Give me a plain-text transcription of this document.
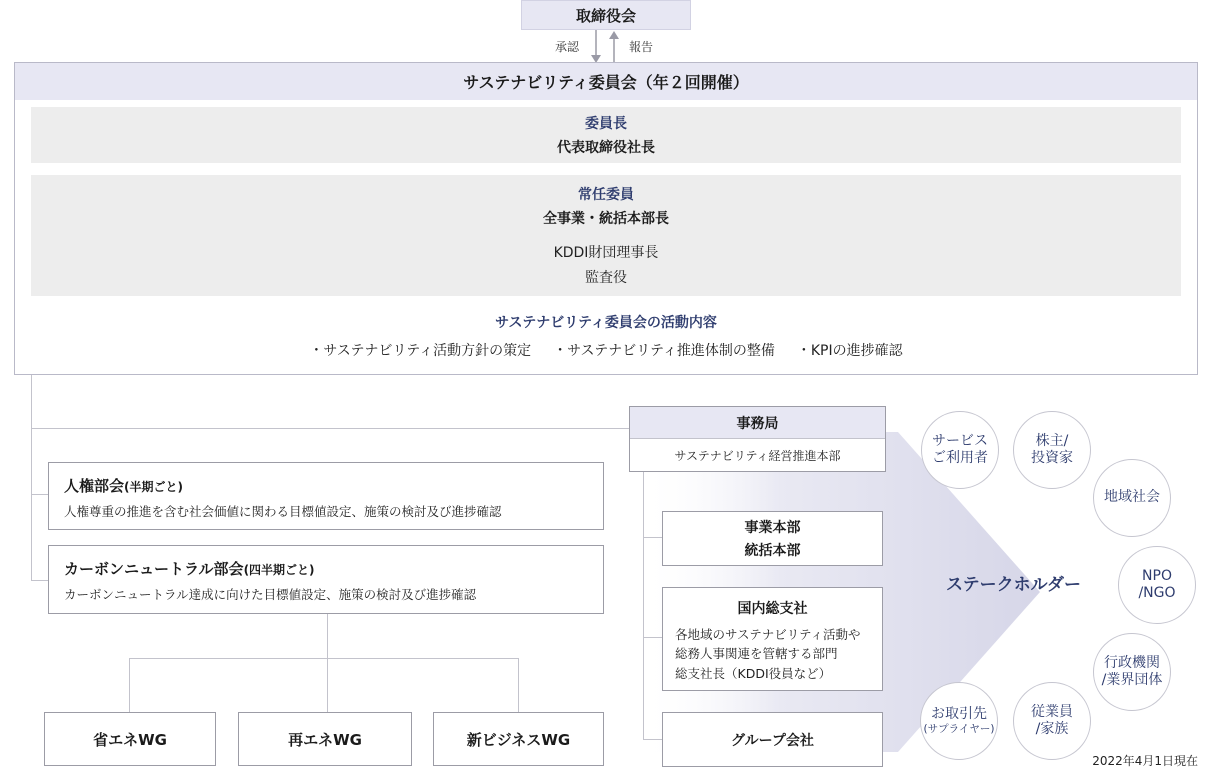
取締役会
承認	報告
サステナビリティ委員会（年２回開催）
委員長
代表取締役社長
常任委員
全事業・統括本部長
KDDI財団理事長
監査役
サステナビリティ委員会の活動内容
・サステナビリティ活動方針の策定 ・サステナビリティ推進体制の整備 ・KPIの進捗確認
人権部会(半期ごと)
人権尊重の推進を含む社会価値に関わる目標値設定、施策の検討及び進捗確認
カーボンニュートラル部会(四半期ごと)
カーボンニュートラル達成に向けた目標値設定、施策の検討及び進捗確認
省エネWG	再エネWG	新ビジネスWG
事務局
サステナビリティ経営推進本部
事業本部
統括本部
国内総支社
各地域のサステナビリティ活動や
総務人事関連を管轄する部門
総支社長（KDDI役員など）
グループ会社
ステークホルダー
サービス
ご利用者
株主/
投資家
地域社会
NPO
/NGO
行政機関
/業界団体
従業員
/家族
お取引先
(サプライヤー)
2022年4月1日現在
